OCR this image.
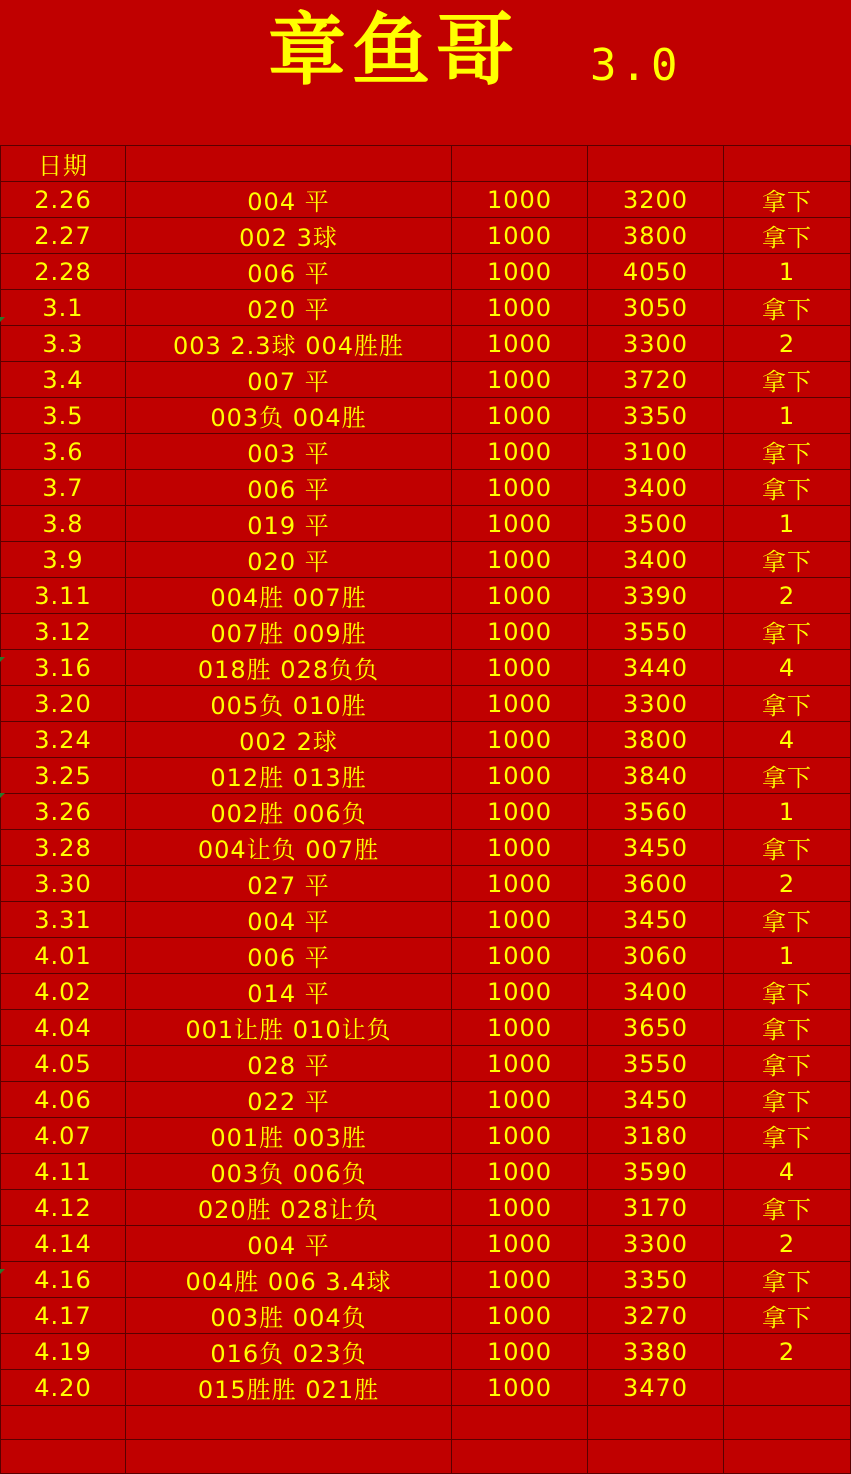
章鱼哥 3.0
日期				
2.26	004 平	1000	3200	拿下
2.27	002 3球	1000	3800	拿下
2.28	006 平	1000	4050	1
3.1	020 平	1000	3050	拿下
3.3	003 2.3球 004胜胜	1000	3300	2
3.4	007 平	1000	3720	拿下
3.5	003负 004胜	1000	3350	1
3.6	003 平	1000	3100	拿下
3.7	006 平	1000	3400	拿下
3.8	019 平	1000	3500	1
3.9	020 平	1000	3400	拿下
3.11	004胜 007胜	1000	3390	2
3.12	007胜 009胜	1000	3550	拿下
3.16	018胜 028负负	1000	3440	4
3.20	005负 010胜	1000	3300	拿下
3.24	002 2球	1000	3800	4
3.25	012胜 013胜	1000	3840	拿下
3.26	002胜 006负	1000	3560	1
3.28	004让负 007胜	1000	3450	拿下
3.30	027 平	1000	3600	2
3.31	004 平	1000	3450	拿下
4.01	006 平	1000	3060	1
4.02	014 平	1000	3400	拿下
4.04	001让胜 010让负	1000	3650	拿下
4.05	028 平	1000	3550	拿下
4.06	022 平	1000	3450	拿下
4.07	001胜 003胜	1000	3180	拿下
4.11	003负 006负	1000	3590	4
4.12	020胜 028让负	1000	3170	拿下
4.14	004 平	1000	3300	2
4.16	004胜 006 3.4球	1000	3350	拿下
4.17	003胜 004负	1000	3270	拿下
4.19	016负 023负	1000	3380	2
4.20	015胜胜 021胜	1000	3470	
